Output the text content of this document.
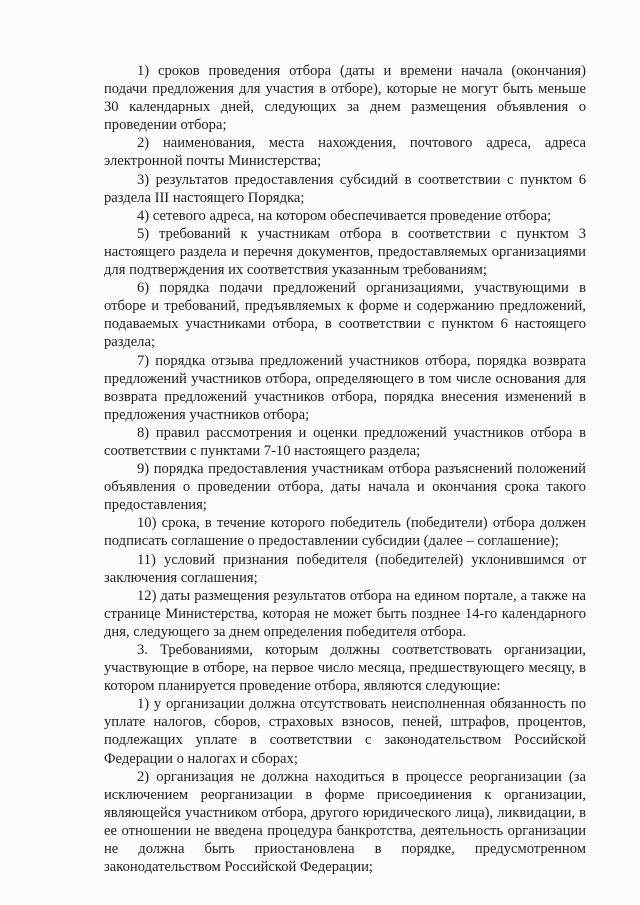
1) сроков проведения отбора (даты и времени начала (окончания) подачи предложения для участия в отборе), которые не могут быть меньше 30 календарных дней, следующих за днем размещения объявления о проведении отбора;

2) наименования, места нахождения, почтового адреса, адреса электронной почты Министерства;

3) результатов предоставления субсидий в соответствии с пунктом 6 раздела III настоящего Порядка;

4) сетевого адреса, на котором обеспечивается проведение отбора;

5) требований к участникам отбора в соответствии с пунктом 3 настоящего раздела и перечня документов, предоставляемых организациями для подтверждения их соответствия указанным требованиям;

6) порядка подачи предложений организациями, участвующими в отборе и требований, предъявляемых к форме и содержанию предложений, подаваемых участниками отбора, в соответствии с пунктом 6 настоящего раздела;

7) порядка отзыва предложений участников отбора, порядка возврата предложений участников отбора, определяющего в том числе основания для возврата предложений участников отбора, порядка внесения изменений в предложения участников отбора;

8) правил рассмотрения и оценки предложений участников отбора в соответствии с пунктами 7-10 настоящего раздела;

9) порядка предоставления участникам отбора разъяснений положений объявления о проведении отбора, даты начала и окончания срока такого предоставления;

10) срока, в течение которого победитель (победители) отбора должен подписать соглашение о предоставлении субсидии (далее – соглашение);

11) условий признания победителя (победителей) уклонившимся от заключения соглашения;

12) даты размещения результатов отбора на едином портале, а также на странице Министерства, которая не может быть позднее 14-го календарного дня, следующего за днем определения победителя отбора.

3. Требованиями, которым должны соответствовать организации, участвующие в отборе, на первое число месяца, предшествующего месяцу, в котором планируется проведение отбора, являются следующие:

1) у организации должна отсутствовать неисполненная обязанность по уплате налогов, сборов, страховых взносов, пеней, штрафов, процентов, подлежащих уплате в соответствии с законодательством Российской Федерации о налогах и сборах;

2) организация не должна находиться в процессе реорганизации (за исключением реорганизации в форме присоединения к организации, являющейся участником отбора, другого юридического лица), ликвидации, в ее отношении не введена процедура банкротства, деятельность организации не должна быть приостановлена в порядке, предусмотренном законодательством Российской Федерации;
